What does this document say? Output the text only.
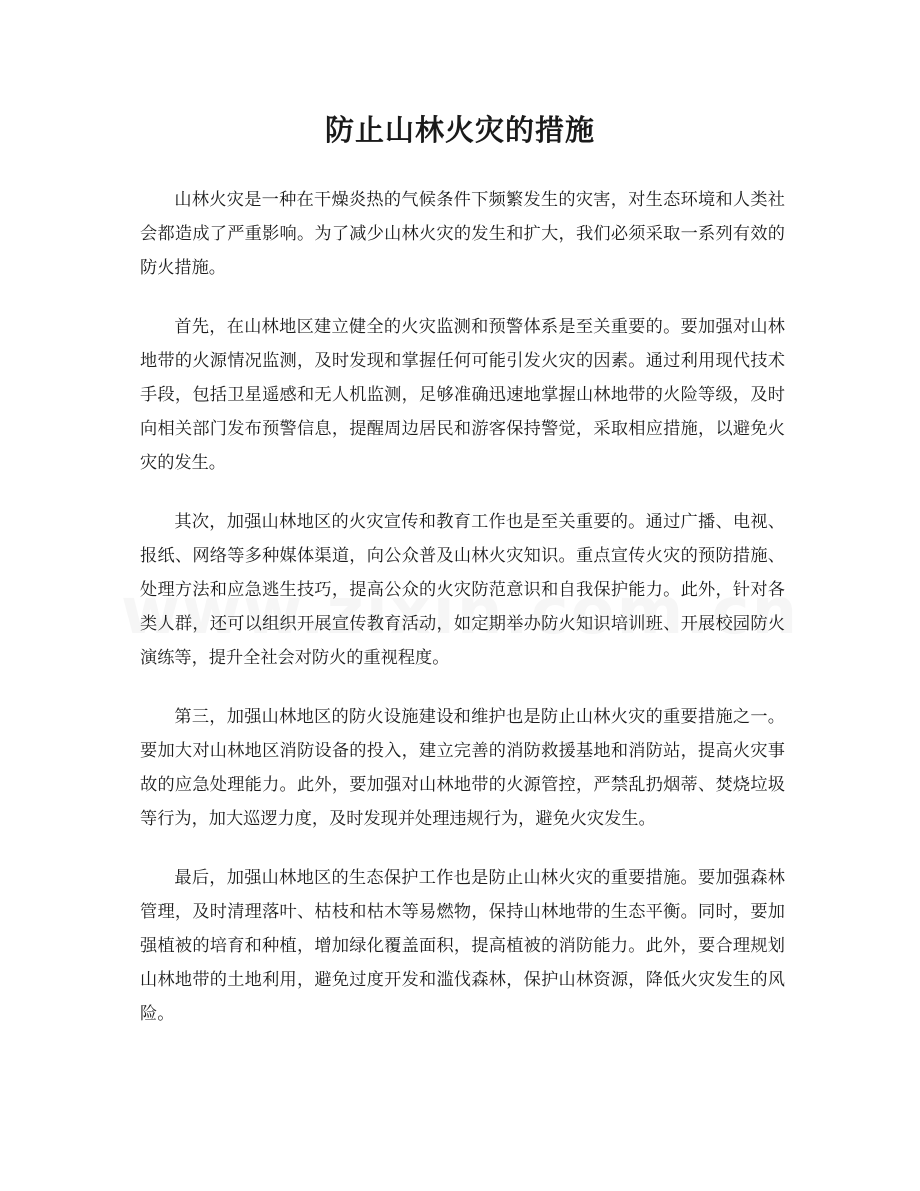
防止山林火灾的措施

山林火灾是一种在干燥炎热的气候条件下频繁发生的灾害，对生态环境和人类社会都造成了严重影响。为了减少山林火灾的发生和扩大，我们必须采取一系列有效的防火措施。

首先，在山林地区建立健全的火灾监测和预警体系是至关重要的。要加强对山林地带的火源情况监测，及时发现和掌握任何可能引发火灾的因素。通过利用现代技术手段，包括卫星遥感和无人机监测，足够准确迅速地掌握山林地带的火险等级，及时向相关部门发布预警信息，提醒周边居民和游客保持警觉，采取相应措施，以避免火灾的发生。

其次，加强山林地区的火灾宣传和教育工作也是至关重要的。通过广播、电视、报纸、网络等多种媒体渠道，向公众普及山林火灾知识。重点宣传火灾的预防措施、处理方法和应急逃生技巧，提高公众的火灾防范意识和自我保护能力。此外，针对各类人群，还可以组织开展宣传教育活动，如定期举办防火知识培训班、开展校园防火演练等，提升全社会对防火的重视程度。

第三，加强山林地区的防火设施建设和维护也是防止山林火灾的重要措施之一。要加大对山林地区消防设备的投入，建立完善的消防救援基地和消防站，提高火灾事故的应急处理能力。此外，要加强对山林地带的火源管控，严禁乱扔烟蒂、焚烧垃圾等行为，加大巡逻力度，及时发现并处理违规行为，避免火灾发生。

最后，加强山林地区的生态保护工作也是防止山林火灾的重要措施。要加强森林管理，及时清理落叶、枯枝和枯木等易燃物，保持山林地带的生态平衡。同时，要加强植被的培育和种植，增加绿化覆盖面积，提高植被的消防能力。此外，要合理规划山林地带的土地利用，避免过度开发和滥伐森林，保护山林资源，降低火灾发生的风险。
